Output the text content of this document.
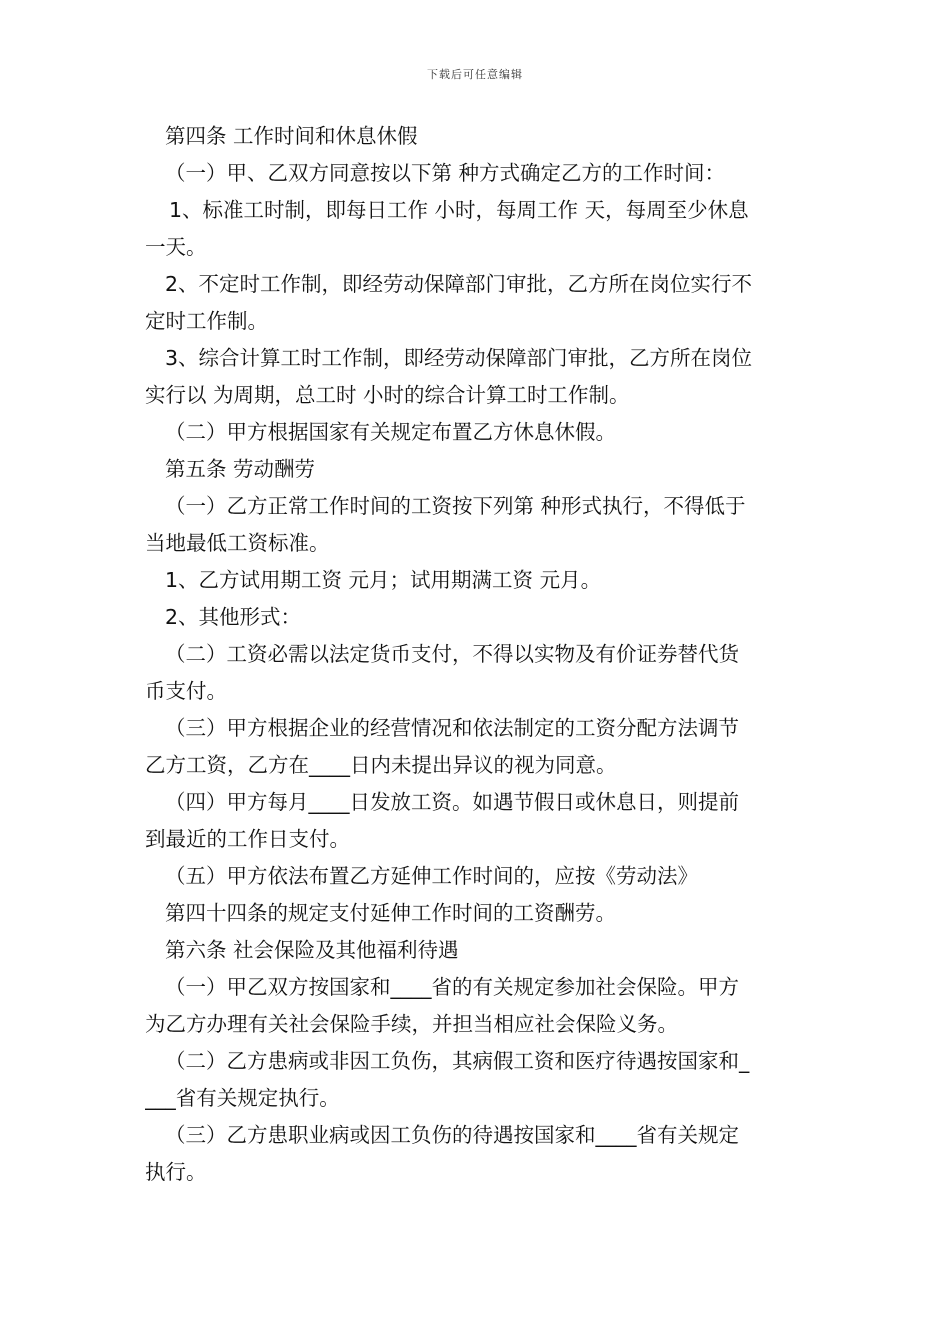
下载后可任意编辑
第四条 工作时间和休息休假
（一）甲、乙双方同意按以下第 种方式确定乙方的工作时间：
1、标准工时制，即每日工作 小时，每周工作 天，每周至少休息
一天。
2、不定时工作制，即经劳动保障部门审批，乙方所在岗位实行不
定时工作制。
3、综合计算工时工作制，即经劳动保障部门审批，乙方所在岗位
实行以 为周期，总工时 小时的综合计算工时工作制。
（二）甲方根据国家有关规定布置乙方休息休假。
第五条 劳动酬劳
（一）乙方正常工作时间的工资按下列第 种形式执行，不得低于
当地最低工资标准。
1、乙方试用期工资 元月；试用期满工资 元月。
2、其他形式：
（二）工资必需以法定货币支付，不得以实物及有价证券替代货
币支付。
（三）甲方根据企业的经营情况和依法制定的工资分配方法调节
乙方工资，乙方在____日内未提出异议的视为同意。
（四）甲方每月____日发放工资。如遇节假日或休息日，则提前
到最近的工作日支付。
（五）甲方依法布置乙方延伸工作时间的，应按《劳动法》
第四十四条的规定支付延伸工作时间的工资酬劳。
第六条 社会保险及其他福利待遇
（一）甲乙双方按国家和____省的有关规定参加社会保险。甲方
为乙方办理有关社会保险手续，并担当相应社会保险义务。
（二）乙方患病或非因工负伤，其病假工资和医疗待遇按国家和_
___省有关规定执行。
（三）乙方患职业病或因工负伤的待遇按国家和____省有关规定
执行。
